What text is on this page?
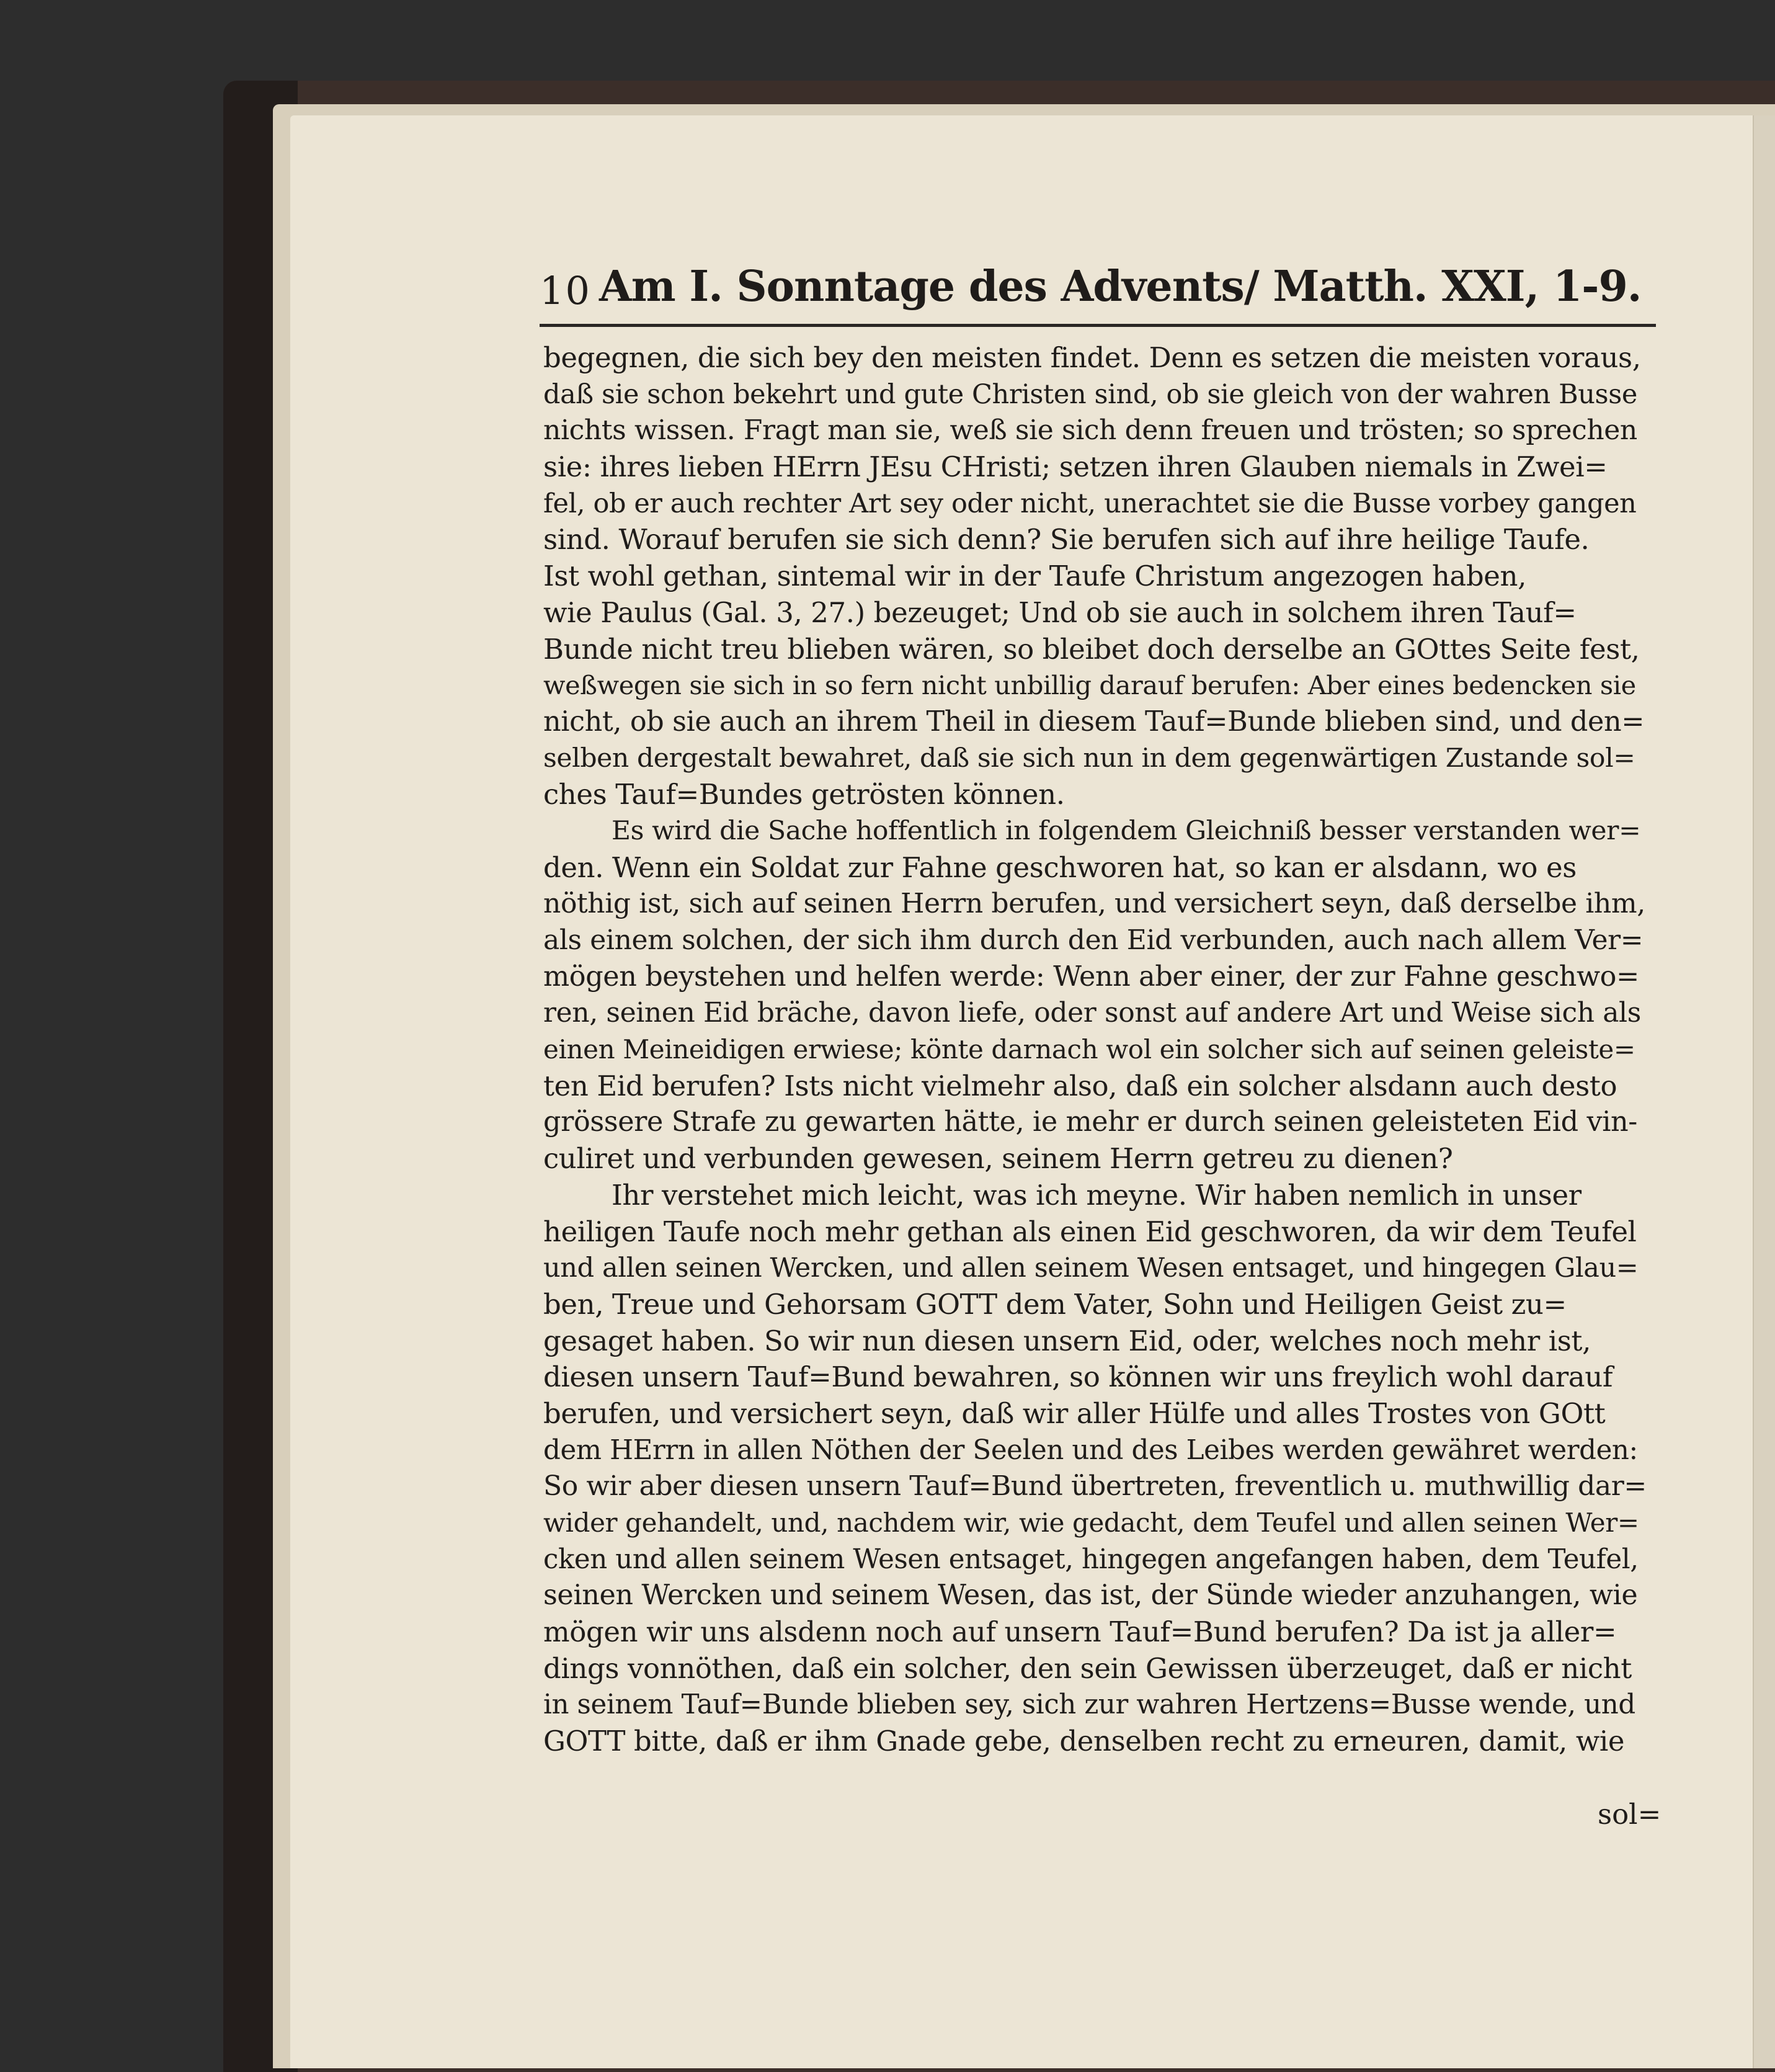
10 Am I. Sonntage des Advents/ Matth. XXI, 1-9.
begegnen, die sich bey den meisten findet. Denn es setzen die meisten voraus,
daß sie schon bekehrt und gute Christen sind, ob sie gleich von der wahren Busse
nichts wissen. Fragt man sie, weß sie sich denn freuen und trösten; so sprechen
sie: ihres lieben HErrn JEsu CHristi; setzen ihren Glauben niemals in Zwei=
fel, ob er auch rechter Art sey oder nicht, unerachtet sie die Busse vorbey gangen
sind. Worauf berufen sie sich denn? Sie berufen sich auf ihre heilige Taufe.
Ist wohl gethan, sintemal wir in der Taufe Christum angezogen haben,
wie Paulus (Gal. 3, 27.) bezeuget; Und ob sie auch in solchem ihren Tauf=
Bunde nicht treu blieben wären, so bleibet doch derselbe an GOttes Seite fest,
weßwegen sie sich in so fern nicht unbillig darauf berufen: Aber eines bedencken sie
nicht, ob sie auch an ihrem Theil in diesem Tauf=Bunde blieben sind, und den=
selben dergestalt bewahret, daß sie sich nun in dem gegenwärtigen Zustande sol=
ches Tauf=Bundes getrösten können.
Es wird die Sache hoffentlich in folgendem Gleichniß besser verstanden wer=
den. Wenn ein Soldat zur Fahne geschworen hat, so kan er alsdann, wo es
nöthig ist, sich auf seinen Herrn berufen, und versichert seyn, daß derselbe ihm,
als einem solchen, der sich ihm durch den Eid verbunden, auch nach allem Ver=
mögen beystehen und helfen werde: Wenn aber einer, der zur Fahne geschwo=
ren, seinen Eid bräche, davon liefe, oder sonst auf andere Art und Weise sich als
einen Meineidigen erwiese; könte darnach wol ein solcher sich auf seinen geleiste=
ten Eid berufen? Ists nicht vielmehr also, daß ein solcher alsdann auch desto
grössere Strafe zu gewarten hätte, ie mehr er durch seinen geleisteten Eid vin-
culiret und verbunden gewesen, seinem Herrn getreu zu dienen?
Ihr verstehet mich leicht, was ich meyne. Wir haben nemlich in unser
heiligen Taufe noch mehr gethan als einen Eid geschworen, da wir dem Teufel
und allen seinen Wercken, und allen seinem Wesen entsaget, und hingegen Glau=
ben, Treue und Gehorsam GOTT dem Vater, Sohn und Heiligen Geist zu=
gesaget haben. So wir nun diesen unsern Eid, oder, welches noch mehr ist,
diesen unsern Tauf=Bund bewahren, so können wir uns freylich wohl darauf
berufen, und versichert seyn, daß wir aller Hülfe und alles Trostes von GOtt
dem HErrn in allen Nöthen der Seelen und des Leibes werden gewähret werden:
So wir aber diesen unsern Tauf=Bund übertreten, freventlich u. muthwillig dar=
wider gehandelt, und, nachdem wir, wie gedacht, dem Teufel und allen seinen Wer=
cken und allen seinem Wesen entsaget, hingegen angefangen haben, dem Teufel,
seinen Wercken und seinem Wesen, das ist, der Sünde wieder anzuhangen, wie
mögen wir uns alsdenn noch auf unsern Tauf=Bund berufen? Da ist ja aller=
dings vonnöthen, daß ein solcher, den sein Gewissen überzeuget, daß er nicht
in seinem Tauf=Bunde blieben sey, sich zur wahren Hertzens=Busse wende, und
GOTT bitte, daß er ihm Gnade gebe, denselben recht zu erneuren, damit, wie
sol=
